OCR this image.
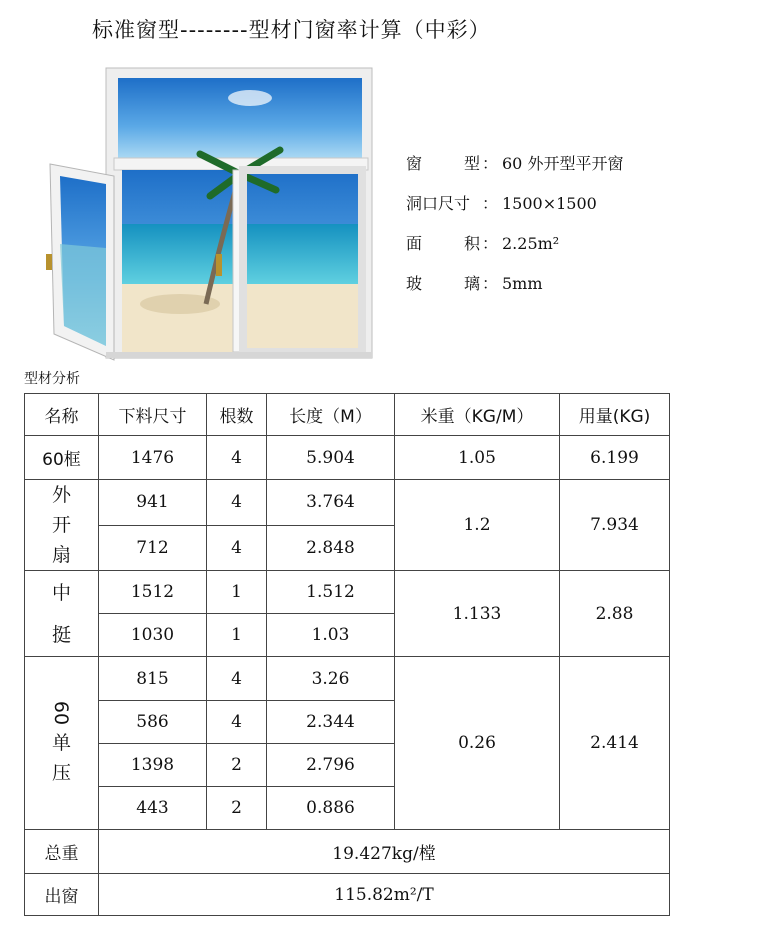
标准窗型--------型材门窗率计算（中彩）
窗	型 ： 60 外开型平开窗
洞口尺寸 ： 1500×1500
面	积 ： 2.25m²
玻	璃 ： 5mm
型材分析
名称	下料尺寸	根数	长度（M）	米重（KG/M）	用量(KG)
60框	1476	4	5.904	1.05	6.199

外
开
扇	941	4	3.764	1.2	7.934
	712	4	2.848		

中
挺	1512	1	1.512	1.133	2.88
	1030	1	1.03		

60
单
压	815	4	3.26	0.26	2.414
	586	4	2.344		
	1398	2	2.796		
	443	2	0.886		
总重	19.427kg/樘				
出窗	115.82m²/T				
